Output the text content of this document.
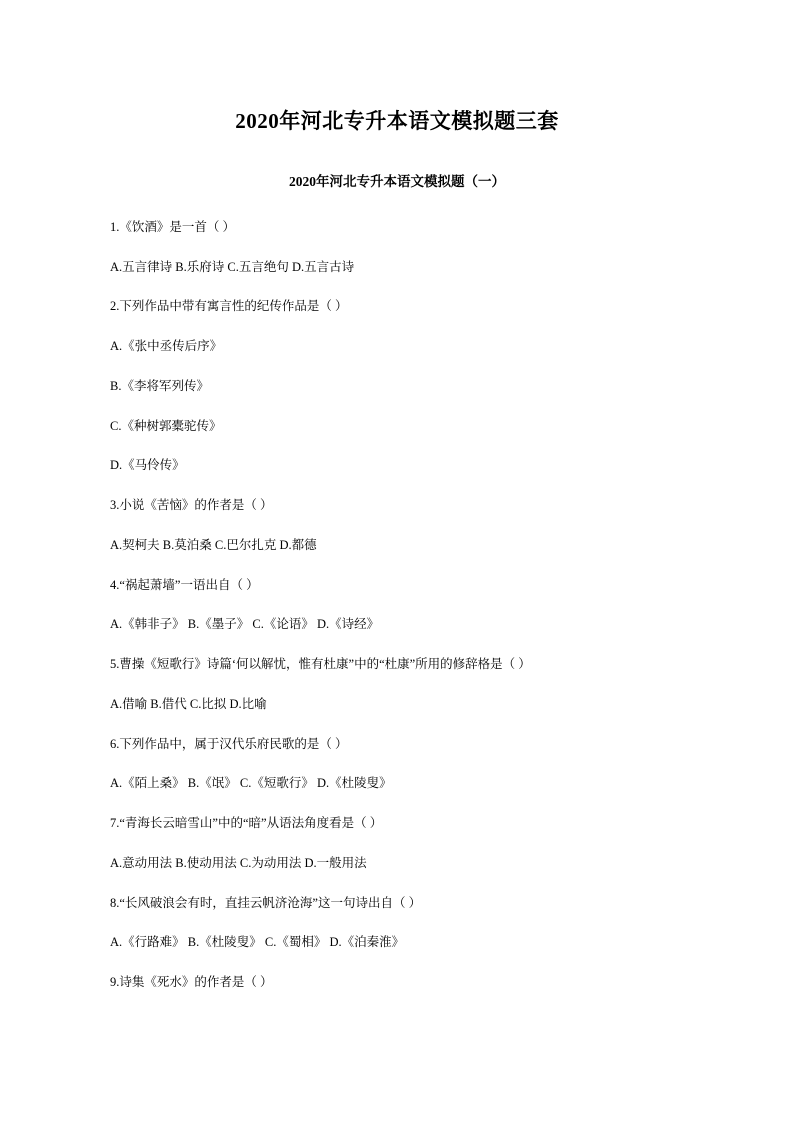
2020年河北专升本语文模拟题三套
2020年河北专升本语文模拟题（一）

1.《饮酒》是一首（ ）

A.五言律诗 B.乐府诗 C.五言绝句 D.五言古诗

2.下列作品中带有寓言性的纪传作品是（ ）

A.《张中丞传后序》

B.《李将军列传》

C.《种树郭橐驼传》

D.《马伶传》

3.小说《苦恼》的作者是（ ）

A.契柯夫 B.莫泊桑 C.巴尔扎克 D.都德

4.“祸起萧墙”一语出自（ ）

A.《韩非子》 B.《墨子》 C.《论语》 D.《诗经》

5.曹操《短歌行》诗篇‘何以解忧，惟有杜康”中的“杜康”所用的修辞格是（ ）

A.借喻 B.借代 C.比拟 D.比喻

6.下列作品中，属于汉代乐府民歌的是（ ）

A.《陌上桑》 B.《氓》 C.《短歌行》 D.《杜陵叟》

7.“青海长云暗雪山”中的“暗”从语法角度看是（ ）

A.意动用法 B.使动用法 C.为动用法 D.一般用法

8.“长风破浪会有时，直挂云帆济沧海”这一句诗出自（ ）

A.《行路难》 B.《杜陵叟》 C.《蜀相》 D.《泊秦淮》

9.诗集《死水》的作者是（ ）
